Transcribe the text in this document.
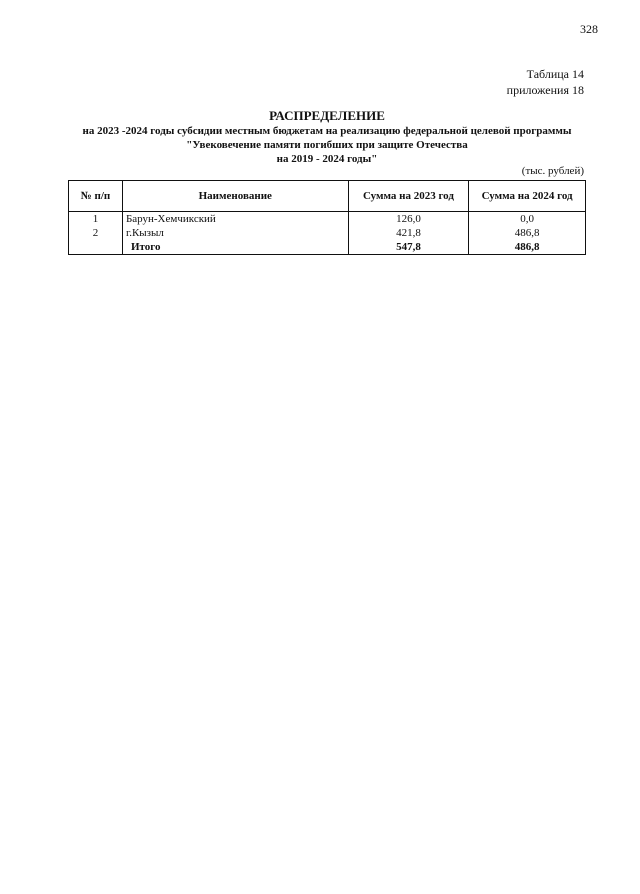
328
Таблица 14
приложения 18
РАСПРЕДЕЛЕНИЕ
на 2023 -2024 годы субсидии местным бюджетам на реализацию федеральной целевой программы
"Увековечение памяти погибших при защите Отечества
на 2019 - 2024 годы"
(тыс. рублей)
№ п/п	Наименование	Сумма на 2023 год	Сумма на 2024 год
1	Барун-Хемчикский	126,0	0,0
2	г.Кызыл	421,8	486,8
	Итого	547,8	486,8
